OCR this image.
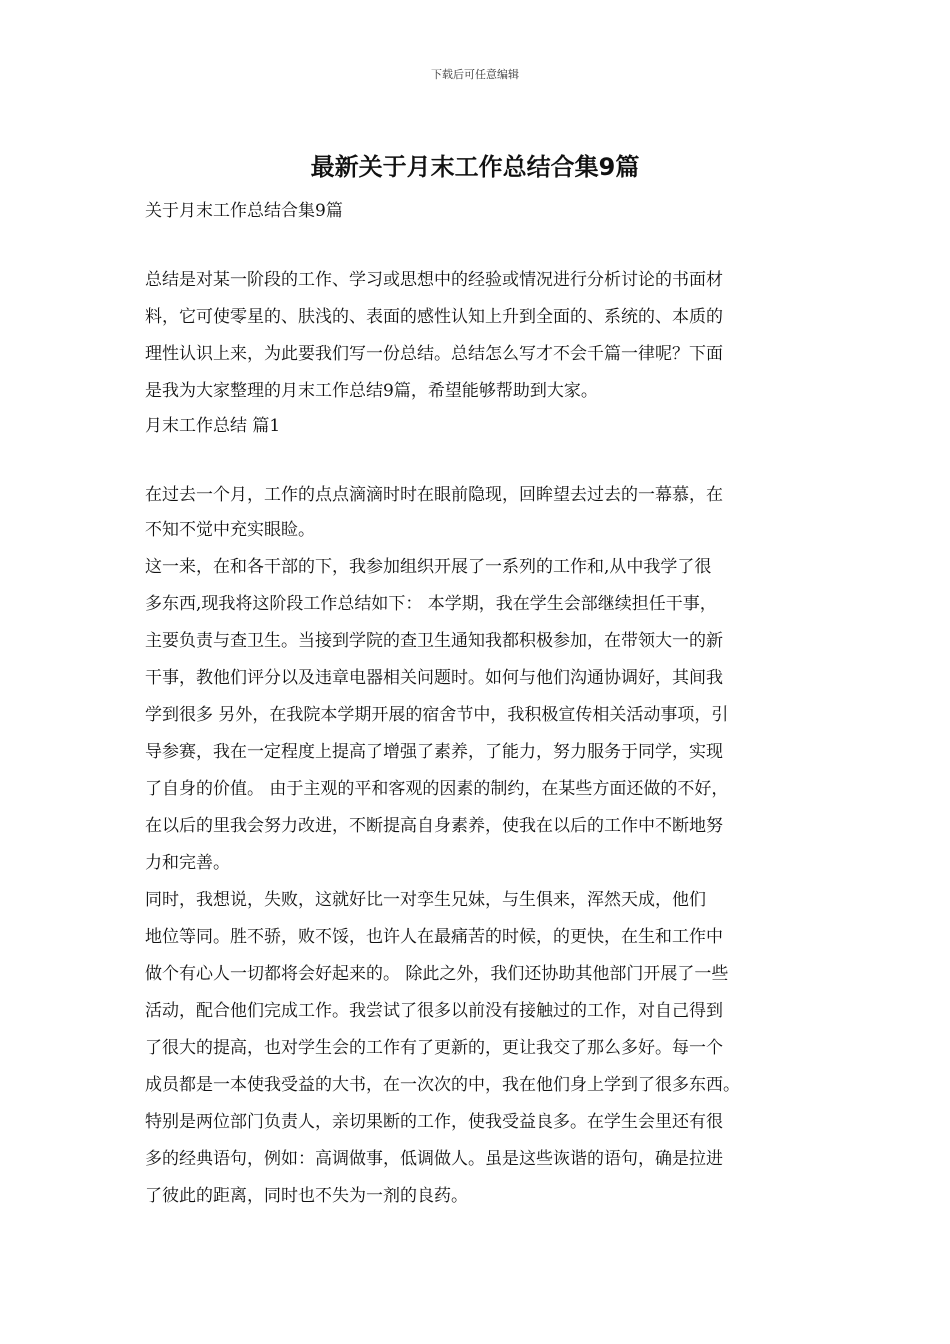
下载后可任意编辑
最新关于月末工作总结合集9篇

关于月末工作总结合集9篇

总结是对某一阶段的工作、学习或思想中的经验或情况进行分析讨论的书面材

料，它可使零星的、肤浅的、表面的感性认知上升到全面的、系统的、本质的

理性认识上来，为此要我们写一份总结。总结怎么写才不会千篇一律呢？下面

是我为大家整理的月末工作总结9篇，希望能够帮助到大家。

月末工作总结 篇1

在过去一个月，工作的点点滴滴时时在眼前隐现，回眸望去过去的一幕慕，在

不知不觉中充实眼睑。

这一来，在和各干部的下，我参加组织开展了一系列的工作和,从中我学了很

多东西,现我将这阶段工作总结如下： 本学期，我在学生会部继续担任干事，

主要负责与查卫生。当接到学院的查卫生通知我都积极参加，在带领大一的新

干事，教他们评分以及违章电器相关问题时。如何与他们沟通协调好，其间我

学到很多 另外，在我院本学期开展的宿舍节中，我积极宣传相关活动事项，引

导参赛，我在一定程度上提高了增强了素养，了能力，努力服务于同学，实现

了自身的价值。 由于主观的平和客观的因素的制约，在某些方面还做的不好，

在以后的里我会努力改进，不断提高自身素养，使我在以后的工作中不断地努

力和完善。

同时，我想说，失败，这就好比一对孪生兄妹，与生俱来，浑然天成，他们

地位等同。胜不骄，败不馁，也许人在最痛苦的时候，的更快，在生和工作中

做个有心人一切都将会好起来的。 除此之外，我们还协助其他部门开展了一些

活动，配合他们完成工作。我尝试了很多以前没有接触过的工作，对自己得到

了很大的提高，也对学生会的工作有了更新的，更让我交了那么多好。每一个

成员都是一本使我受益的大书，在一次次的中，我在他们身上学到了很多东西。

特别是两位部门负责人，亲切果断的工作，使我受益良多。在学生会里还有很

多的经典语句，例如：高调做事，低调做人。虽是这些诙谐的语句，确是拉进

了彼此的距离，同时也不失为一剂的良药。
